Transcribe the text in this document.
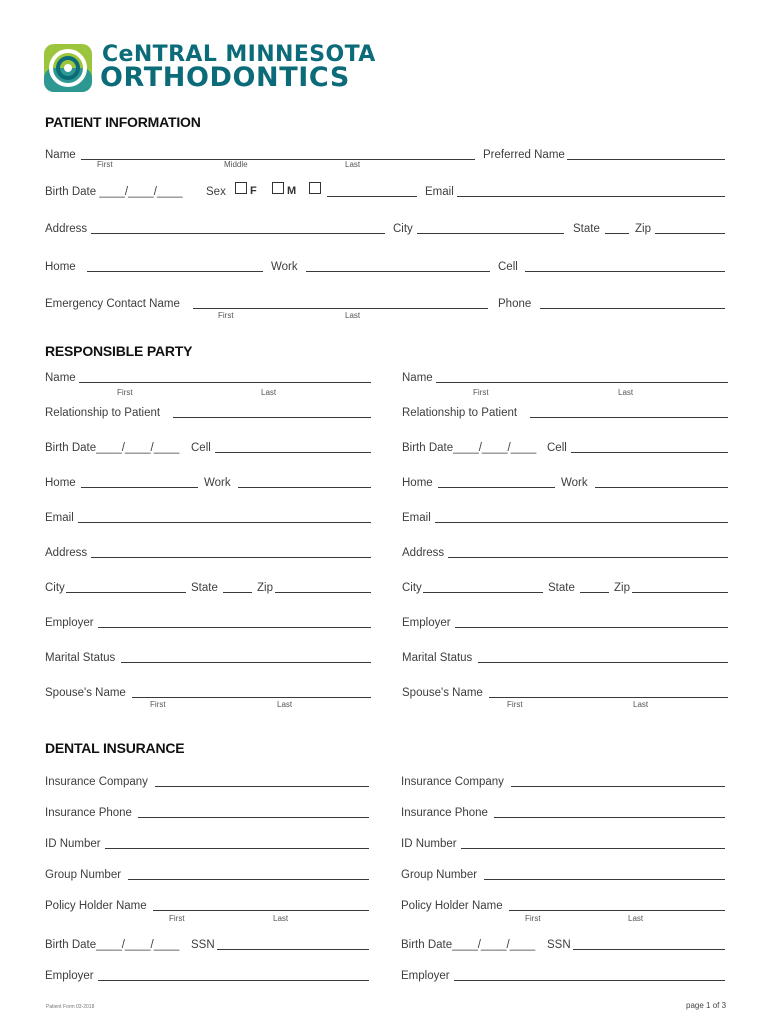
CeNTRAL MINNESOTA
ORTHODONTICS
PATIENT INFORMATION
Name
First	Middle	Last
Preferred Name
Birth Date ____/____/____ Sex F	M	Email
Address	City	State	Zip
Home	Work	Cell
Emergency Contact Name
First	Last
Phone
RESPONSIBLE PARTY
Name
First	Last
Relationship to Patient
Birth Date____/____/____ Cell
Home	Work
Email
Address
City	State	Zip
Employer
Marital Status
Spouse's Name
First	Last
Name
First	Last
Relationship to Patient
Birth Date____/____/____ Cell
Home	Work
Email
Address
City	State	Zip
Employer
Marital Status
Spouse's Name
First	Last
DENTAL INSURANCE
Insurance Company
Insurance Phone
ID Number
Group Number
Policy Holder Name
First	Last
Birth Date____/____/____ SSN
Employer
Insurance Company
Insurance Phone
ID Number
Group Number
Policy Holder Name
First	Last
Birth Date____/____/____ SSN
Employer
Patient Form 03-2018	page 1 of 3
